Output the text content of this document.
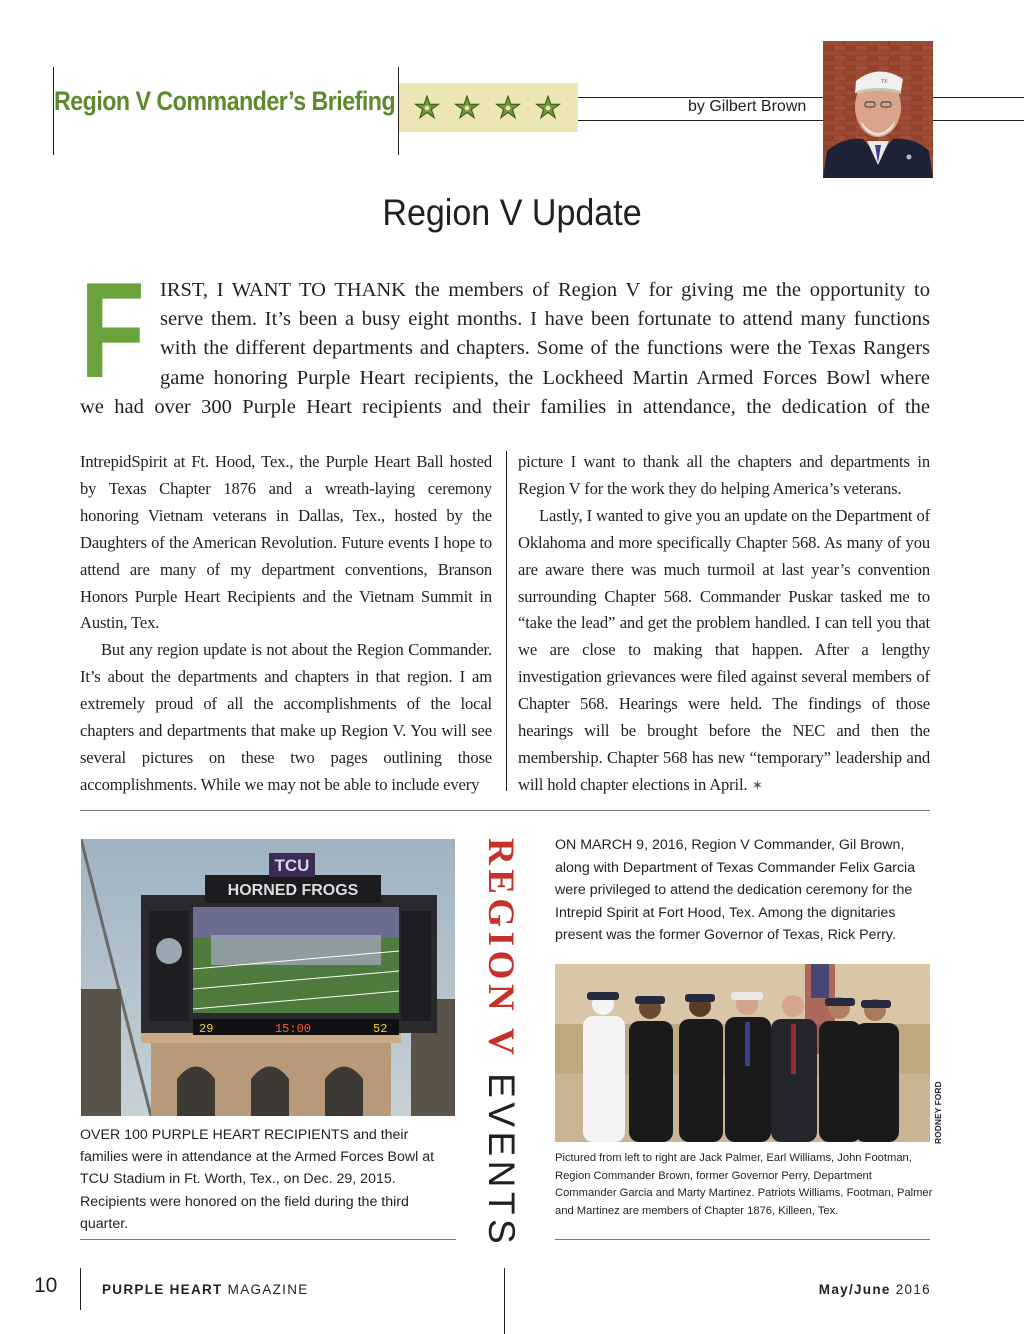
Region V Commander’s Briefing	by Gilbert Brown
TX
Region V Update
F IRST, I WANT TO THANK the members of Region V for giving me the opportunity to
serve them. It’s been a busy eight months. I have been fortunate to attend many functions
with the different departments and chapters. Some of the functions were the Texas Rangers
game honoring Purple Heart recipients, the Lockheed Martin Armed Forces Bowl where
we had over 300 Purple Heart recipients and their families in attendance, the dedication of the

IntrepidSpirit at Ft. Hood, Tex., the Purple Heart Ball hosted by Texas Chapter 1876 and a wreath-laying ceremony honoring Vietnam veterans in Dallas, Tex., hosted by the Daughters of the American Revolution. Future events I hope to attend are many of my department conventions, Branson Honors Purple Heart Recipients and the Vietnam Summit in Austin, Tex.

But any region update is not about the Region Commander. It’s about the departments and chapters in that region. I am extremely proud of all the accomplishments of the local chapters and departments that make up Region V. You will see several pictures on these two pages outlining those accomplishments. While we may not be able to include every

picture I want to thank all the chapters and departments in Region V for the work they do helping America’s veterans.

Lastly, I wanted to give you an update on the Department of Oklahoma and more specifically Chapter 568. As many of you are aware there was much turmoil at last year’s convention surrounding Chapter 568. Commander Puskar tasked me to “take the lead” and get the problem handled. I can tell you that we are close to making that happen. After a lengthy investigation grievances were filed against several members of Chapter 568. Hearings were held. The findings of those hearings will be brought before the NEC and then the membership. Chapter 568 has new “temporary” leadership and will hold chapter elections in April. ✶

TCU
HORNED FROGS
29	15:00	52
OVER 100 PURPLE HEART RECIPIENTS and their families were in attendance at the Armed Forces Bowl at TCU Stadium in Ft. Worth, Tex., on Dec. 29, 2015. Recipients were honored on the field during the third quarter.
REGION V EVENTS
ON MARCH 9, 2016, Region V Commander, Gil Brown, along with Department of Texas Commander Felix Garcia were privileged to attend the dedication ceremony for the Intrepid Spirit at Fort Hood, Tex. Among the dignitaries present was the former Governor of Texas, Rick Perry.
RODNEY FORD
Pictured from left to right are Jack Palmer, Earl Williams, John Footman, Region Commander Brown, former Governor Perry, Department Commander Garcia and Marty Martinez. Patriots Williams, Footman, Palmer and Martinez are members of Chapter 1876, Killeen, Tex.
10	PURPLE HEART MAGAZINE	May/June 2016
